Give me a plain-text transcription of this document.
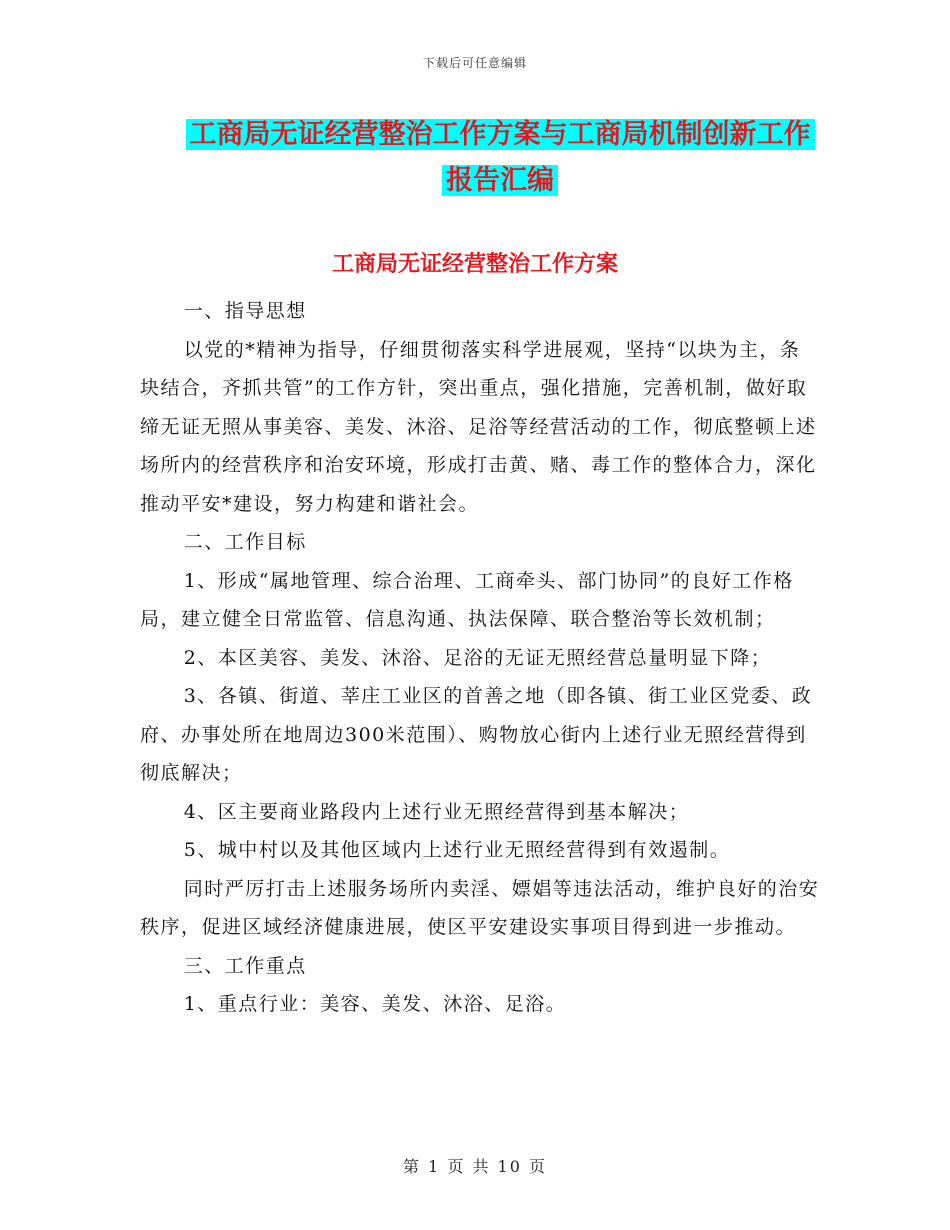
下载后可任意编辑
工商局无证经营整治工作方案与工商局机制创新工作
报告汇编
工商局无证经营整治工作方案

一、指导思想

以党的*精神为指导，仔细贯彻落实科学进展观，坚持“以块为主，条块结合，齐抓共管”的工作方针，突出重点，强化措施，完善机制，做好取缔无证无照从事美容、美发、沐浴、足浴等经营活动的工作，彻底整顿上述场所内的经营秩序和治安环境，形成打击黄、赌、毒工作的整体合力，深化推动平安*建设，努力构建和谐社会。

二、工作目标

1、形成“属地管理、综合治理、工商牵头、部门协同”的良好工作格局，建立健全日常监管、信息沟通、执法保障、联合整治等长效机制；

2、本区美容、美发、沐浴、足浴的无证无照经营总量明显下降；

3、各镇、街道、莘庄工业区的首善之地（即各镇、街工业区党委、政府、办事处所在地周边300米范围）、购物放心街内上述行业无照经营得到彻底解决；

4、区主要商业路段内上述行业无照经营得到基本解决；

5、城中村以及其他区域内上述行业无照经营得到有效遏制。

同时严厉打击上述服务场所内卖淫、嫖娼等违法活动，维护良好的治安秩序，促进区域经济健康进展，使区平安建设实事项目得到进一步推动。

三、工作重点

1、重点行业：美容、美发、沐浴、足浴。

第 1 页 共 10 页
